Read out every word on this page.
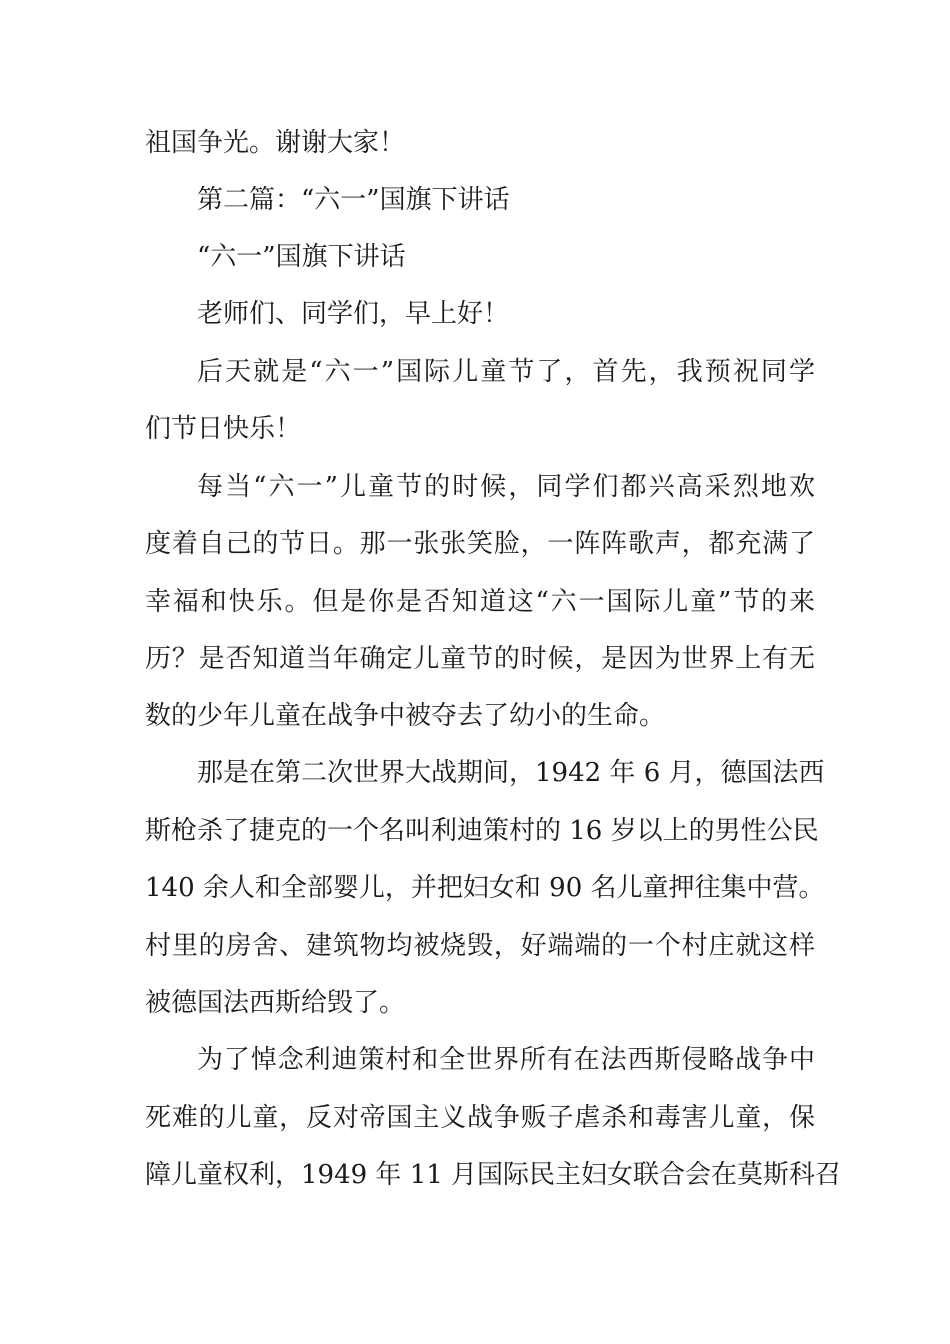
祖国争光。谢谢大家！
第二篇：“六一”国旗下讲话
“六一”国旗下讲话
老师们、同学们，早上好！
后天就是“六一”国际儿童节了，首先，我预祝同学
们节日快乐！
每当“六一”儿童节的时候，同学们都兴高采烈地欢
度着自己的节日。那一张张笑脸，一阵阵歌声，都充满了
幸福和快乐。但是你是否知道这“六一国际儿童”节的来
历？是否知道当年确定儿童节的时候，是因为世界上有无
数的少年儿童在战争中被夺去了幼小的生命。
那是在第二次世界大战期间，1942 年 6 月，德国法西
斯枪杀了捷克的一个名叫利迪策村的 16 岁以上的男性公民
140 余人和全部婴儿，并把妇女和 90 名儿童押往集中营。
村里的房舍、建筑物均被烧毁，好端端的一个村庄就这样
被德国法西斯给毁了。
为了悼念利迪策村和全世界所有在法西斯侵略战争中
死难的儿童，反对帝国主义战争贩子虐杀和毒害儿童，保
障儿童权利，1949 年 11 月国际民主妇女联合会在莫斯科召
